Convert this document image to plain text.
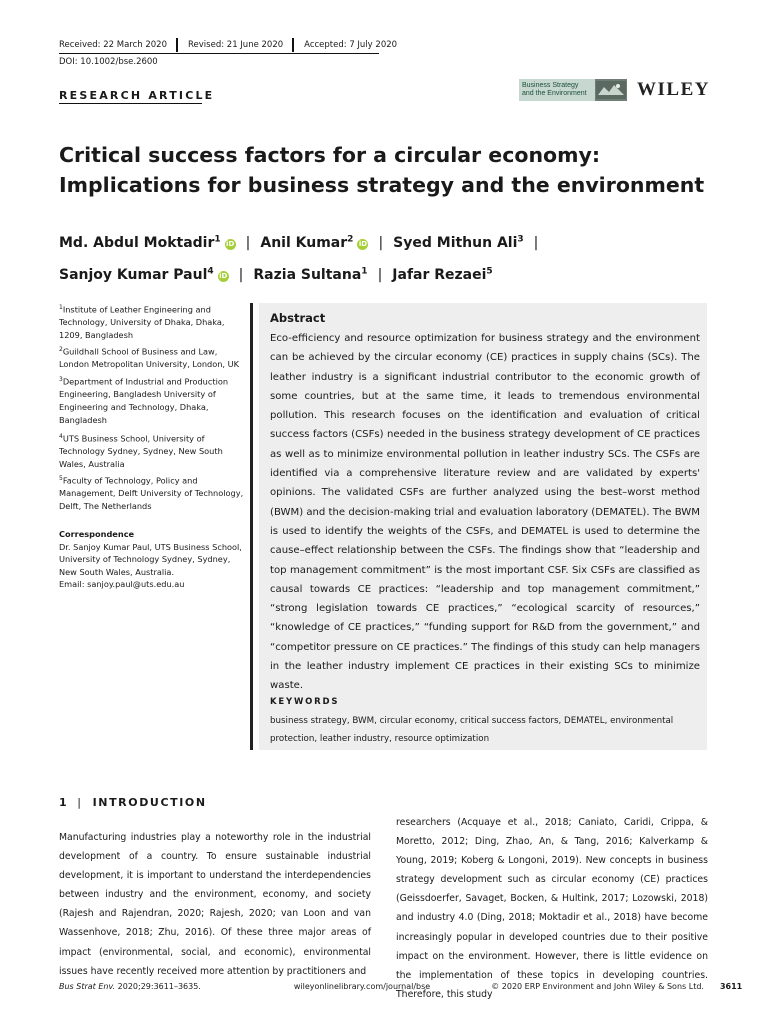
Received: 22 March 2020 Revised: 21 June 2020 Accepted: 7 July 2020
DOI: 10.1002/bse.2600
RESEARCH ARTICLE
Business Strategy
and the Environment	WILEY
Critical success factors for a circular economy: Implications for business strategy and the environment
Md. Abdul Moktadir$^1$ iD | Anil Kumar$^2$ iD | Syed Mithun Ali$^3$ |
Sanjoy Kumar Paul$^4$ iD | Razia Sultana$^1$ | Jafar Rezaei$^5$
$^1$Institute of Leather Engineering and Technology, University of Dhaka, Dhaka, 1209, Bangladesh
$^2$Guildhall School of Business and Law, London Metropolitan University, London, UK
$^3$Department of Industrial and Production Engineering, Bangladesh University of Engineering and Technology, Dhaka, Bangladesh
$^4$UTS Business School, University of Technology Sydney, Sydney, New South Wales, Australia
$^5$Faculty of Technology, Policy and Management, Delft University of Technology, Delft, The Netherlands
Correspondence
Dr. Sanjoy Kumar Paul, UTS Business School, University of Technology Sydney, Sydney, New South Wales, Australia.
Email: sanjoy.paul@uts.edu.au
Abstract
Eco-efficiency and resource optimization for business strategy and the environment can be achieved by the circular economy (CE) practices in supply chains (SCs). The leather industry is a significant industrial contributor to the economic growth of some countries, but at the same time, it leads to tremendous environmental pollution. This research focuses on the identification and evaluation of critical success factors (CSFs) needed in the business strategy development of CE practices as well as to minimize environmental pollution in leather industry SCs. The CSFs are identified via a comprehensive literature review and are validated by experts' opinions. The validated CSFs are further analyzed using the best–worst method (BWM) and the decision-making trial and evaluation laboratory (DEMATEL). The BWM is used to identify the weights of the CSFs, and DEMATEL is used to determine the cause–effect relationship between the CSFs. The findings show that “leadership and top management commitment” is the most important CSF. Six CSFs are classified as causal towards CE practices: “leadership and top management commitment,” “strong legislation towards CE practices,” “ecological scarcity of resources,” “knowledge of CE practices,” “funding support for R&D from the government,” and “competitor pressure on CE practices.” The findings of this study can help managers in the leather industry implement CE practices in their existing SCs to minimize waste.
KEYWORDS
business strategy, BWM, circular economy, critical success factors, DEMATEL, environmental protection, leather industry, resource optimization
1 | INTRODUCTION
Manufacturing industries play a noteworthy role in the industrial development of a country. To ensure sustainable industrial development, it is important to understand the interdependencies between industry and the environment, economy, and society (Rajesh and Rajendran, 2020; Rajesh, 2020; van Loon and van Wassenhove, 2018; Zhu, 2016). Of these three major areas of impact (environmental, social, and economic), environmental issues have recently received more attention by practitioners and
researchers (Acquaye et al., 2018; Caniato, Caridi, Crippa, & Moretto, 2012; Ding, Zhao, An, & Tang, 2016; Kalverkamp & Young, 2019; Koberg & Longoni, 2019). New concepts in business strategy development such as circular economy (CE) practices (Geissdoerfer, Savaget, Bocken, & Hultink, 2017; Lozowski, 2018) and industry 4.0 (Ding, 2018; Moktadir et al., 2018) have become increasingly popular in developed countries due to their positive impact on the environment. However, there is little evidence on the implementation of these topics in developing countries. Therefore, this study
Bus Strat Env.
2020;29:3611–3635.	wileyonlinelibrary.com/journal/bse	© 2020 ERP Environment and John Wiley & Sons Ltd. 3611
